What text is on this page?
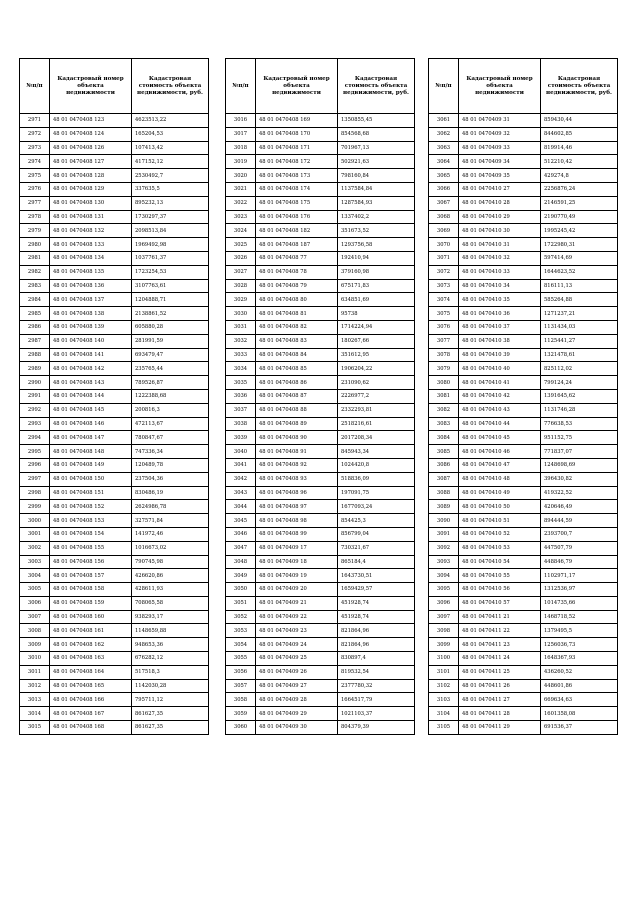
№п/п	Кадастровый номер объекта недвижимости	Кадастровая стоимость объекта недвижимости, руб.
2971	48 01 0470408 123	4623513,22
2972	48 01 0470408 124	165204,53
2973	48 01 0470408 126	107413,42
2974	48 01 0470408 127	417152,12
2975	48 01 0470408 128	2530492,7
2976	48 01 0470408 129	337635,5
2977	48 01 0470408 130	895232,13
2978	48 01 0470408 131	1730297,37
2979	48 01 0470408 132	2098513,84
2980	48 01 0470408 133	1969492,98
2981	48 01 0470408 134	1037761,37
2982	48 01 0470408 135	1723254,53
2983	48 01 0470408 136	3107763,61
2984	48 01 0470408 137	1204888,71
2985	48 01 0470408 138	2138861,52
2986	48 01 0470408 139	605880,28
2987	48 01 0470408 140	281991,59
2988	48 01 0470408 141	693479,47
2989	48 01 0470408 142	235765,44
2990	48 01 0470408 143	789526,87
2991	48 01 0470408 144	1222388,68
2992	48 01 0470408 145	200816,3
2993	48 01 0470408 146	472113,67
2994	48 01 0470408 147	780847,67
2995	48 01 0470408 148	747336,34
2996	48 01 0470408 149	120489,78
2997	48 01 0470408 150	237504,36
2998	48 01 0470408 151	830486,19
2999	48 01 0470408 152	2624986,78
3000	48 01 0470408 153	327571,84
3001	48 01 0470408 154	141972,46
3002	48 01 0470408 155	1016673,02
3003	48 01 0470408 156	790745,98
3004	48 01 0470408 157	426620,86
3005	48 01 0470408 158	428611,93
3006	48 01 0470408 159	708065,58
3007	48 01 0470408 160	938293,17
3008	48 01 0470408 161	1148659,88
3009	48 01 0470408 162	948653,36
3010	48 01 0470408 163	676282,12
3011	48 01 0470408 164	517518,3
3012	48 01 0470408 165	1142030,28
3013	48 01 0470408 166	795711,12
3014	48 01 0470408 167	861627,35
3015	48 01 0470408 168	861627,35
№п/п	Кадастровый номер объекта недвижимости	Кадастровая стоимость объекта недвижимости, руб.
3016	48 01 0470408 169	1350855,45
3017	48 01 0470408 170	854568,68
3018	48 01 0470408 171	701967,13
3019	48 01 0470408 172	502921,63
3020	48 01 0470408 173	798160,84
3021	48 01 0470408 174	1137584,84
3022	48 01 0470408 175	1287584,93
3023	48 01 0470408 176	1337402,2
3024	48 01 0470408 182	351673,52
3025	48 01 0470408 187	1293756,58
3026	48 01 0470408 77	192410,94
3027	48 01 0470408 78	379160,98
3028	48 01 0470408 79	675171,83
3029	48 01 0470408 80	634851,69
3030	48 01 0470408 81	95738
3031	48 01 0470408 82	1714224,94
3032	48 01 0470408 83	180267,66
3033	48 01 0470408 84	351612,95
3034	48 01 0470408 85	1906204,22
3035	48 01 0470408 86	231090,62
3036	48 01 0470408 87	2226977,2
3037	48 01 0470408 88	2332293,81
3038	48 01 0470408 89	2518216,61
3039	48 01 0470408 90	2017208,34
3040	48 01 0470408 91	845943,34
3041	48 01 0470408 92	1024420,8
3042	48 01 0470408 93	518836,09
3043	48 01 0470408 96	197091,75
3044	48 01 0470408 97	1677093,24
3045	48 01 0470408 98	854425,3
3046	48 01 0470408 99	856799,04
3047	48 01 0470409 17	730321,67
3048	48 01 0470409 18	865184,4
3049	48 01 0470409 19	1643730,51
3050	48 01 0470409 20	1659429,57
3051	48 01 0470409 21	451928,74
3052	48 01 0470409 22	451928,74
3053	48 01 0470409 23	821864,96
3054	48 01 0470409 24	821864,96
3055	48 01 0470409 25	830897,4
3056	48 01 0470409 26	819532,54
3057	48 01 0470409 27	2377780,32
3058	48 01 0470409 28	1664517,79
3059	48 01 0470409 29	1021103,37
3060	48 01 0470409 30	804379,39
№п/п	Кадастровый номер объекта недвижимости	Кадастровая стоимость объекта недвижимости, руб.
3061	48 01 0470409 31	859430,44
3062	48 01 0470409 32	844602,85
3063	48 01 0470409 33	819914,46
3064	48 01 0470409 34	512210,42
3065	48 01 0470409 35	429274,8
3066	48 01 0470410 27	2256876,24
3067	48 01 0470410 28	2146591,25
3068	48 01 0470410 29	2190770,49
3069	48 01 0470410 30	1995245,42
3070	48 01 0470410 31	1722980,31
3071	48 01 0470410 32	597414,69
3072	48 01 0470410 33	1644623,52
3073	48 01 0470410 34	816111,13
3074	48 01 0470410 35	585264,88
3075	48 01 0470410 36	1271237,21
3076	48 01 0470410 37	1131434,03
3077	48 01 0470410 38	1125441,27
3078	48 01 0470410 39	1321478,61
3079	48 01 0470410 40	825112,02
3080	48 01 0470410 41	799124,24
3081	48 01 0470410 42	1391645,62
3082	48 01 0470410 43	1131746,28
3083	48 01 0470410 44	776638,53
3084	48 01 0470410 45	951152,75
3085	48 01 0470410 46	771837,07
3086	48 01 0470410 47	1248698,69
3087	48 01 0470410 48	396430,82
3088	48 01 0470410 49	419322,52
3089	48 01 0470410 50	420646,49
3090	48 01 0470410 51	894444,59
3091	48 01 0470410 52	2393700,7
3092	48 01 0470410 53	447507,79
3093	48 01 0470410 54	448846,79
3094	48 01 0470410 55	1102971,17
3095	48 01 0470410 56	1312536,97
3096	48 01 0470410 57	1014735,66
3097	48 01 0470411 21	1468718,52
3098	48 01 0470411 22	1379495,5
3099	48 01 0470411 23	1256036,73
3100	48 01 0470411 24	1648367,93
3101	48 01 0470411 25	436260,52
3102	48 01 0470411 26	448601,86
3103	48 01 0470411 27	669634,63
3104	48 01 0470411 28	1601358,08
3105	48 01 0470411 29	691536,37
